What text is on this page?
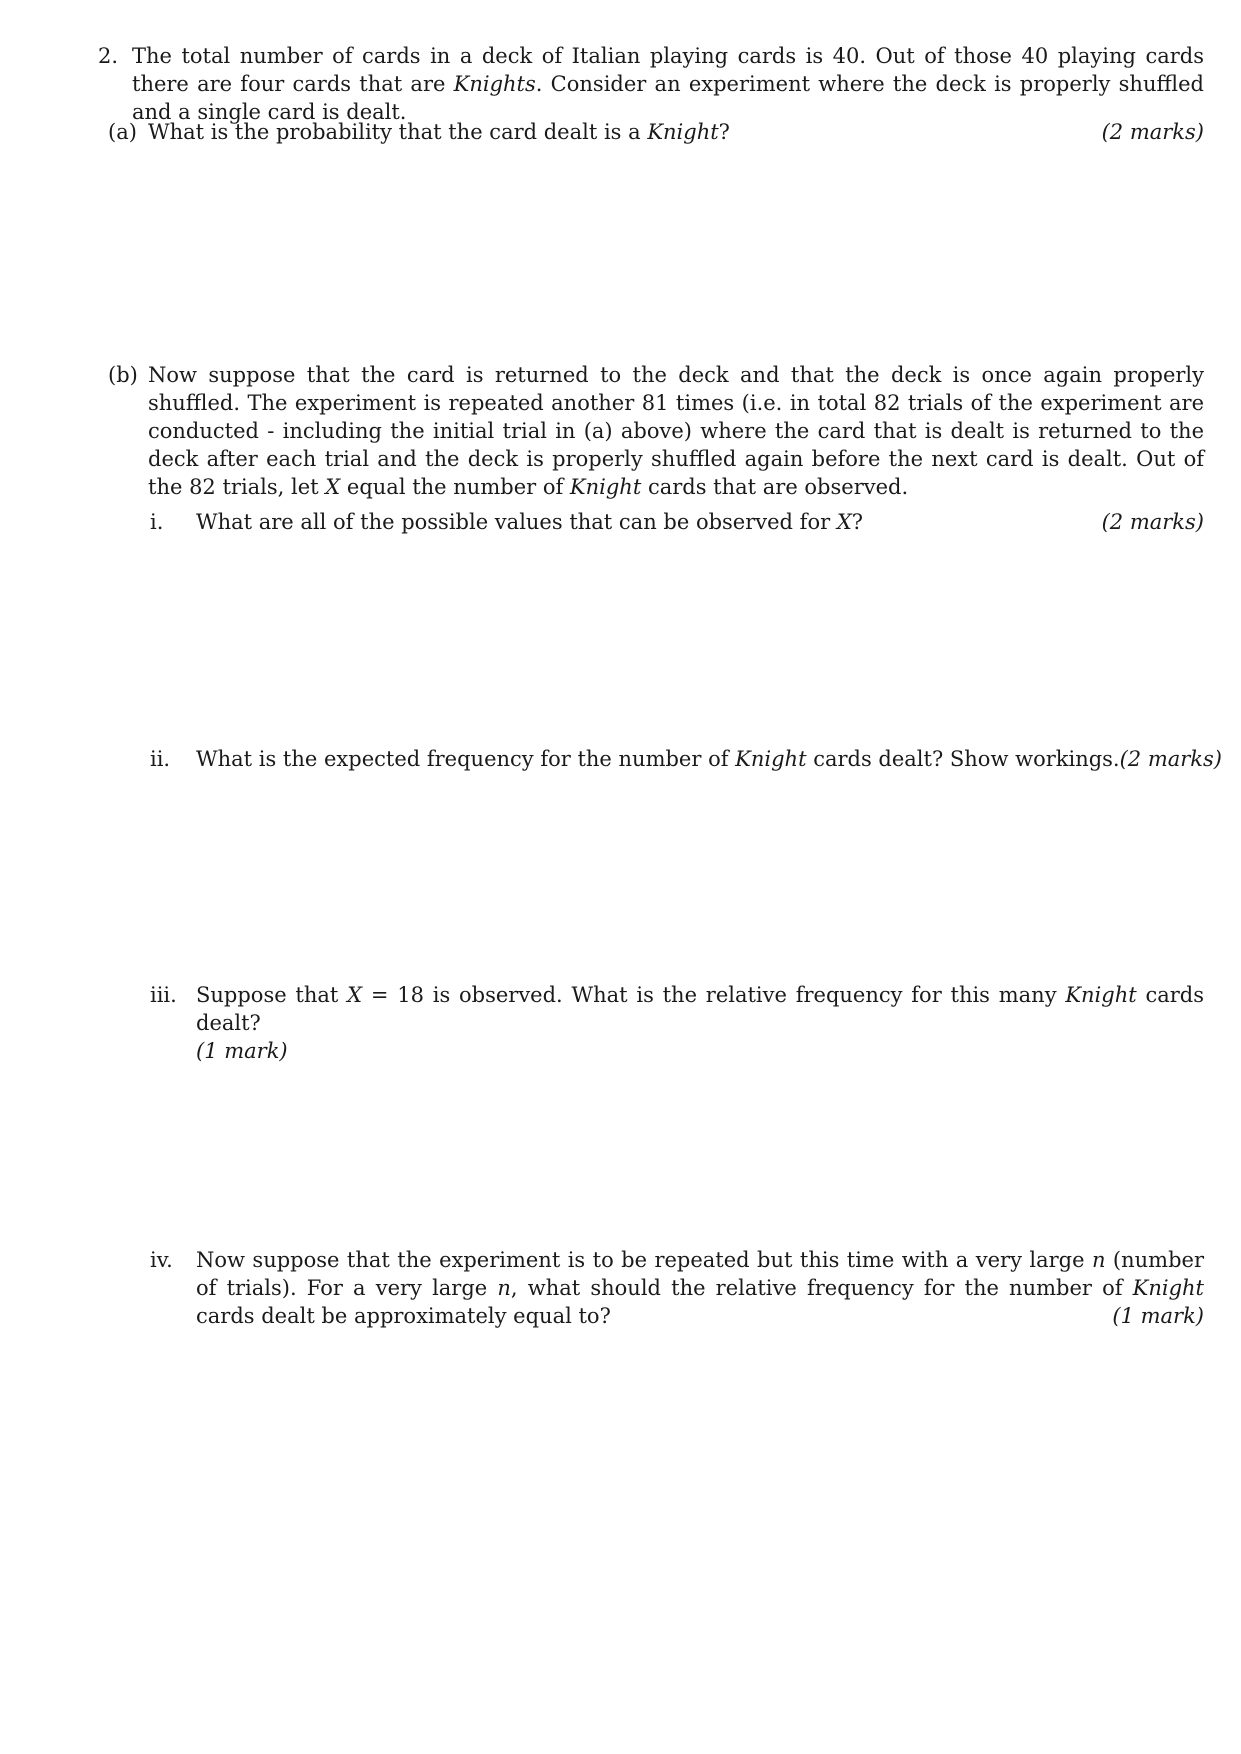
2. The total number of cards in a deck of Italian playing cards is 40. Out of those 40 playing cards there are four cards that are Knights. Consider an experiment where the deck is properly shuffled and a single card is dealt.
(a) What is the probability that the card dealt is a Knight?	(2 marks)
(b) Now suppose that the card is returned to the deck and that the deck is once again properly shuffled. The experiment is repeated another 81 times (i.e. in total 82 trials of the experiment are conducted - including the initial trial in (a) above) where the card that is dealt is returned to the deck after each trial and the deck is properly shuffled again before the next card is dealt. Out of the 82 trials, let X equal the number of Knight cards that are observed.
i. What are all of the possible values that can be observed for X?	(2 marks)
ii. What is the expected frequency for the number of Knight cards dealt? Show workings. (2 marks)
iii. Suppose that X = 18 is observed. What is the relative frequency for this many Knight cards dealt?
(1 mark)
iv.	Now suppose that the experiment is to be repeated but this time with a very large n (number of trials). For a very large n, what should the relative frequency for the number of Knight cards dealt be approximately equal to?	(1 mark)
